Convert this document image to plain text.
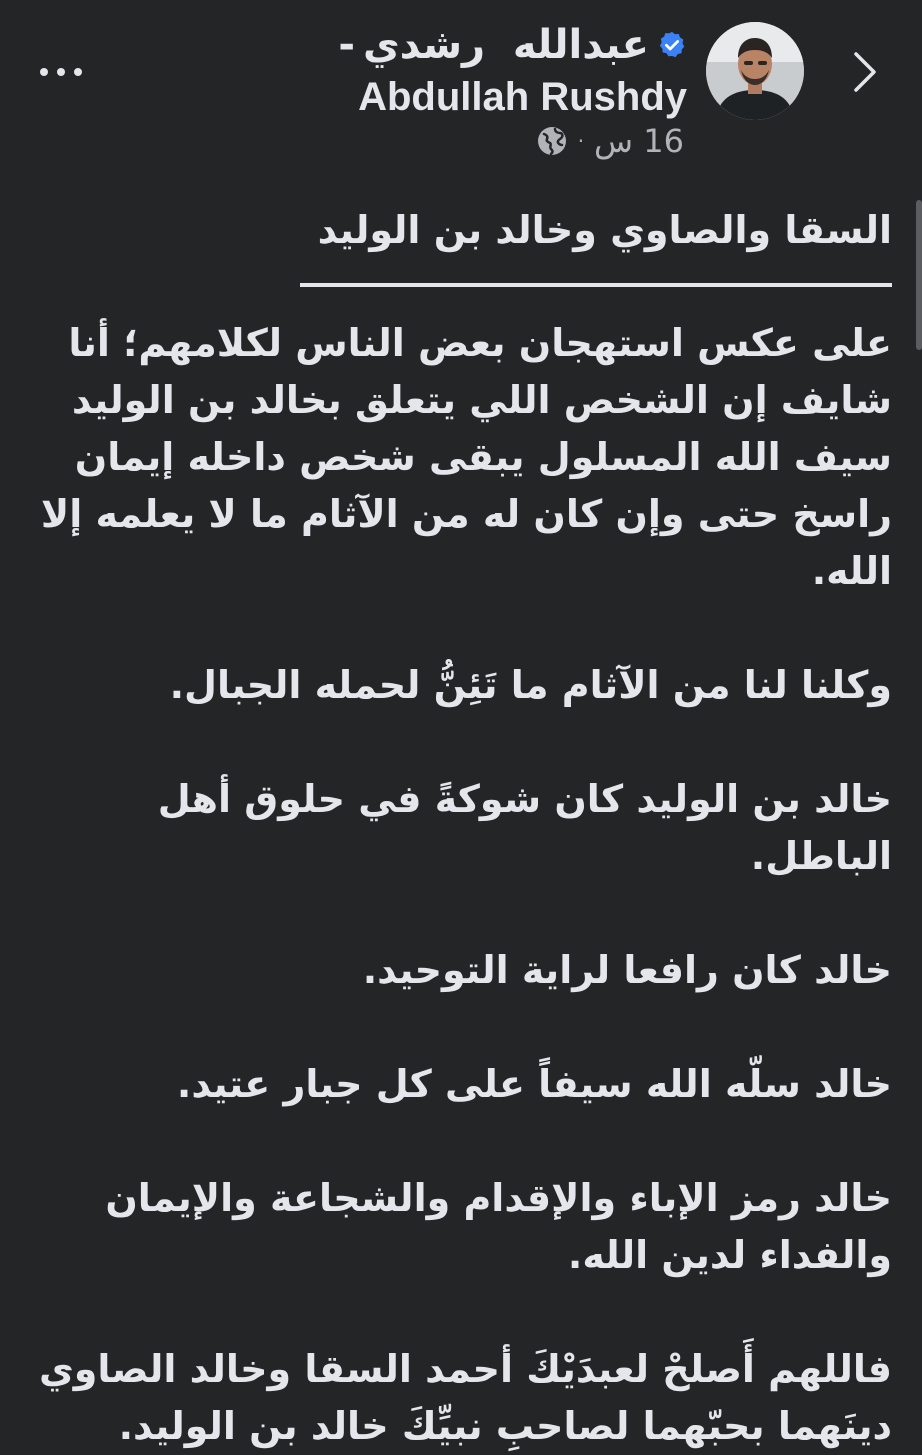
- عبدالله  رشدي
Abdullah Rushdy
· 16 س

السقا والصاوي وخالد بن الوليد

على عكس استهجان بعض الناس لكلامهم؛ أنا شايف إن الشخص اللي يتعلق بخالد بن الوليد سيف الله المسلول يبقى شخص داخله إيمان راسخ حتى وإن كان له من الآثام ما لا يعلمه إلا الله.

وكلنا لنا من الآثام ما تَئِنُّ لحمله الجبال.

خالد بن الوليد كان شوكةً في حلوق أهل الباطل.

خالد كان رافعا لراية التوحيد.

خالد سلّه الله سيفاً على كل جبار عتيد.

خالد رمز الإباء والإقدام والشجاعة والإيمان والفداء لدين الله.

فاللهم أَصلحْ لعبدَيْكَ أحمد السقا وخالد الصاوي دينَهما بحبّهما لصاحبِ نبيِّكَ خالد بن الوليد.
